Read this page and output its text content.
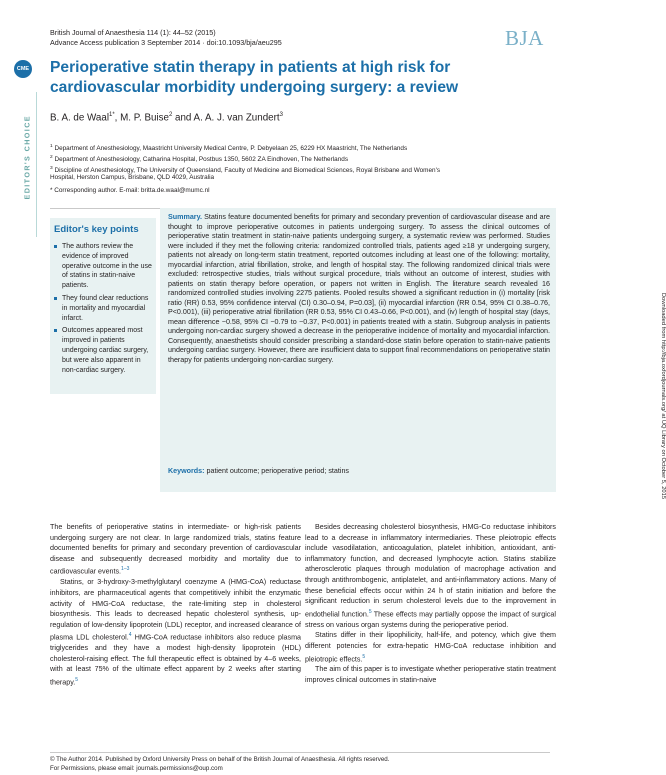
British Journal of Anaesthesia 114 (1): 44–52 (2015)
Advance Access publication 3 September 2014 · doi:10.1093/bja/aeu295	BJA
CME
EDITOR'S CHOICE
Perioperative statin therapy in patients at high risk for
cardiovascular morbidity undergoing surgery: a review
B. A. de Waal$^{1*}$, M. P. Buise$^2$ and A. A. J. van Zundert$^3$
$^1$ Department of Anesthesiology, Maastricht University Medical Centre, P. Debyelaan 25, 6229 HX Maastricht, The Netherlands
$^2$ Department of Anesthesiology, Catharina Hospital, Postbus 1350, 5602 ZA Eindhoven, The Netherlands
$^3$ Discipline of Anesthesiology, The University of Queensland, Faculty of Medicine and Biomedical Sciences, Royal Brisbane and Women's
Hospital, Herston Campus, Brisbane, QLD 4029, Australia
* Corresponding author. E-mail: britta.de.waal@mumc.nl
Editor's key points
The authors review the evidence of improved operative outcome in the use of statins in statin-naive patients.
They found clear reductions in mortality and myocardial infarct.
Outcomes appeared most improved in patients undergoing cardiac surgery, but were also apparent in non-cardiac surgery.
Summary. Statins feature documented benefits for primary and secondary prevention of cardiovascular disease and are thought to improve perioperative outcomes in patients undergoing surgery. To assess the clinical outcomes of perioperative statin treatment in statin-naive patients undergoing surgery, a systematic review was performed. Studies were included if they met the following criteria: randomized controlled trials, patients aged ≥18 yr undergoing surgery, patients not already on long-term statin treatment, reported outcomes including at least one of the following: mortality, myocardial infarction, atrial fibrillation, stroke, and length of hospital stay. The following randomized clinical trials were excluded: retrospective studies, trials without surgical procedure, trials without an outcome of interest, studies with patients on statin therapy before operation, or papers not written in English. The literature search revealed 16 randomized controlled studies involving 2275 patients. Pooled results showed a significant reduction in (i) mortality [risk ratio (RR) 0.53, 95% confidence interval (CI) 0.30–0.94, P=0.03], (ii) myocardial infarction (RR 0.54, 95% CI 0.38–0.76, P<0.001), (iii) perioperative atrial fibrillation (RR 0.53, 95% CI 0.43–0.66, P<0.001), and (iv) length of hospital stay (days, mean difference −0.58, 95% CI −0.79 to −0.37, P<0.001) in patients treated with a statin. Subgroup analysis in patients undergoing non-cardiac surgery showed a decrease in the perioperative incidence of mortality and myocardial infarction. Consequently, anaesthetists should consider prescribing a standard-dose statin before operation to statin-naive patients undergoing cardiac surgery. However, there are insufficient data to support final recommendations on perioperative statin therapy for patients undergoing non-cardiac surgery.
Keywords: patient outcome; perioperative period; statins

The benefits of perioperative statins in intermediate- or high-risk patients undergoing surgery are not clear. In large randomized trials, statins feature documented benefits for primary and secondary prevention of cardiovascular disease and subsequently decreased morbidity and mortality due to cardiovascular events.$^{1-3}$

Statins, or 3-hydroxy-3-methylglutaryl coenzyme A (HMG-CoA) reductase inhibitors, are pharmaceutical agents that competitively inhibit the enzymatic activity of HMG-CoA reductase, the rate-limiting step in cholesterol biosynthesis. This leads to decreased hepatic cholesterol synthesis, up-regulation of low-density lipoprotein (LDL) receptor, and increased clearance of plasma LDL cholesterol.$^4$ HMG-CoA reductase inhibitors also reduce plasma triglycerides and they have a modest high-density lipoprotein (HDL) cholesterol-raising effect. The full therapeutic effect is obtained by 4–6 weeks, with at least 75% of the ultimate effect apparent by 2 weeks after starting therapy.$^5$

Besides decreasing cholesterol biosynthesis, HMG-Co reductase inhibitors lead to a decrease in inflammatory intermediaries. These pleiotropic effects include vasodilatation, anticoagulation, platelet inhibition, antioxidant, anti-inflammatory function, and decreased lymphocyte action. Statins stabilize atherosclerotic plaques through modulation of macrophage activation and through antithrombogenic, antiplatelet, and anti-inflammatory actions. Many of these beneficial effects occur within 24 h of statin initiation and before the significant reduction in serum cholesterol levels due to the improvement in endothelial function.$^5$ These effects may partially oppose the impact of surgical stress on various organ systems during the perioperative period.

Statins differ in their lipophilicity, half-life, and potency, which give them different potencies for extra-hepatic HMG-CoA reductase inhibition and pleiotropic effects.$^5$

The aim of this paper is to investigate whether perioperative statin treatment improves clinical outcomes in statin-naive

© The Author 2014. Published by Oxford University Press on behalf of the British Journal of Anaesthesia. All rights reserved.
For Permissions, please email: journals.permissions@oup.com
Downloaded from http://bja.oxfordjournals.org/ at UQ Library on October 5, 2015
